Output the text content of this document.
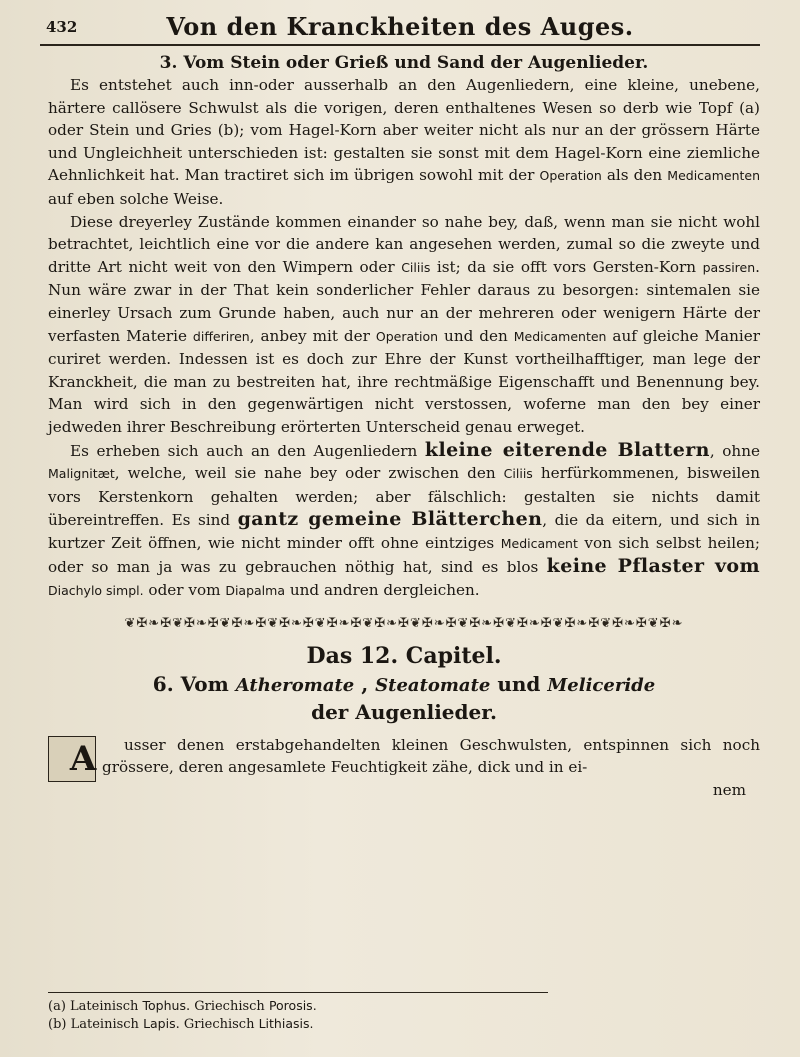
432	Von den Kranckheiten des Auges.
3. Vom Stein oder Grieß und Sand der Augenlieder.

Es entstehet auch inn-oder ausserhalb an den Augenliedern, eine kleine, unebene, härtere callösere Schwulst als die vorigen, deren enthaltenes Wesen so derb wie Topf (a) oder Stein und Gries (b); vom Hagel-Korn aber weiter nicht als nur an der grössern Härte und Ungleichheit unterschieden ist: gestalten sie sonst mit dem Hagel-Korn eine ziemliche Aehnlichkeit hat. Man tractiret sich im übrigen sowohl mit der Operation als den Medicamenten auf eben solche Weise.

Diese dreyerley Zustände kommen einander so nahe bey, daß, wenn man sie nicht wohl betrachtet, leichtlich eine vor die andere kan angesehen werden, zumal so die zweyte und dritte Art nicht weit von den Wimpern oder Ciliis ist; da sie offt vors Gersten-Korn passiren. Nun wäre zwar in der That kein sonderlicher Fehler daraus zu besorgen: sintemalen sie einerley Ursach zum Grunde haben, auch nur an der mehreren oder wenigern Härte der verfasten Materie differiren, anbey mit der Operation und den Medicamenten auf gleiche Manier curiret werden. Indessen ist es doch zur Ehre der Kunst vortheilhafftiger, man lege der Kranckheit, die man zu bestreiten hat, ihre rechtmäßige Eigenschafft und Benennung bey. Man wird sich in den gegenwärtigen nicht verstossen, woferne man den bey einer jedweden ihrer Beschreibung erörterten Unterscheid genau erweget.

Es erheben sich auch an den Augenliedern kleine eiterende Blattern, ohne Malignitæt, welche, weil sie nahe bey oder zwischen den Ciliis herfürkommenen, bisweilen vors Kerstenkorn gehalten werden; aber fälschlich: gestalten sie nichts damit übereintreffen. Es sind gantz gemeine Blätterchen, die da eitern, und sich in kurtzer Zeit öffnen, wie nicht minder offt ohne eintziges Medicament von sich selbst heilen; oder so man ja was zu gebrauchen nöthig hat, sind es blos keine Pflaster vom Diachylo simpl. oder vom Diapalma und andren dergleichen.

❦✠❧✠❦✠❧✠❦✠❧✠❦✠❧✠❦✠❧✠❦✠❧✠❦✠❧✠❦✠❧✠❦✠❧✠❦✠❧✠❦✠❧✠❦✠❧
Das 12. Capitel.
6. Vom Atheromate , Steatomate und Meliceride
der Augenlieder.

A usser denen erstabgehandelten kleinen Geschwulsten, entspinnen sich noch grössere, deren angesamlete Feuchtigkeit zähe, dick und in ei-

nem

(a) Lateinisch Tophus. Griechisch Porosis.

(b) Lateinisch Lapis. Griechisch Lithiasis.
